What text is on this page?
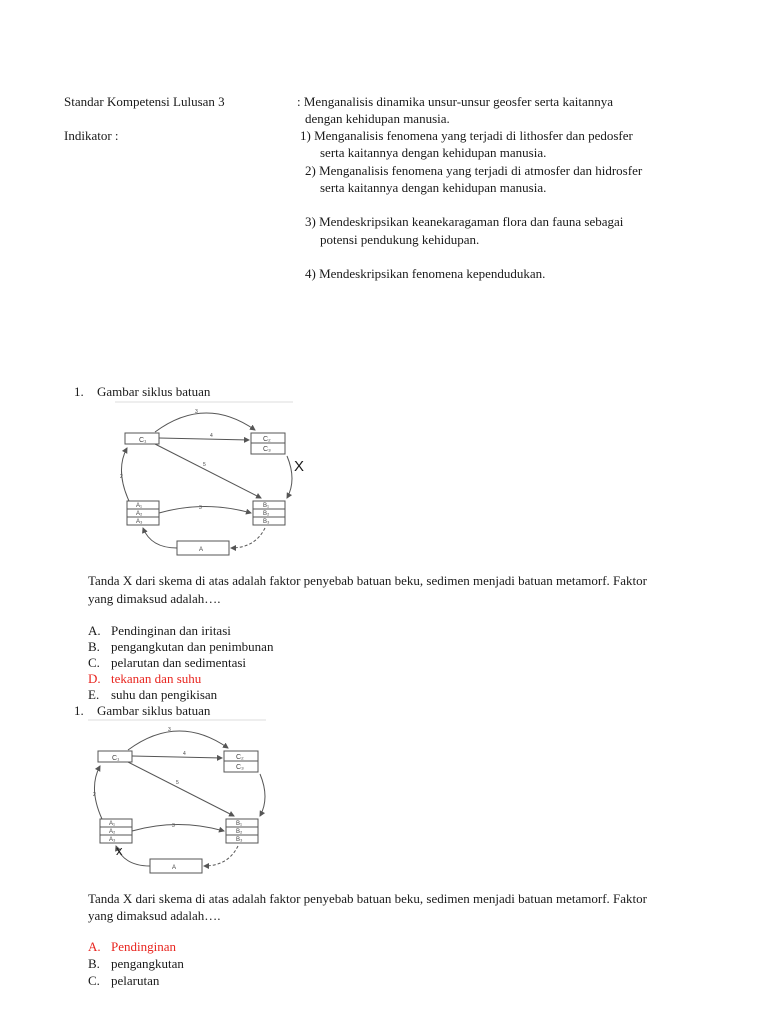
Standar Kompetensi Lulusan 3	: Menganalisis dinamika unsur-unsur geosfer serta kaitannya
dengan kehidupan manusia.
Indikator :	1) Menganalisis fenomena yang terjadi di lithosfer dan pedosfer
serta kaitannya dengan kehidupan manusia.
2) Menganalisis fenomena yang terjadi di atmosfer dan hidrosfer
serta kaitannya dengan kehidupan manusia.
3) Mendeskripsikan keanekaragaman flora dan fauna sebagai
potensi pendukung kehidupan.
4) Mendeskripsikan fenomena kependudukan.
1. Gambar siklus batuan
C₁	C₂
C₃
A₁
A₂
A₃
B₁
B₂
B₃
A
3
4
5
2
3
X
Tanda X dari skema di atas adalah faktor penyebab batuan beku, sedimen menjadi batuan metamorf. Faktor
yang dimaksud adalah….
A. Pendinginan dan iritasi
B. pengangkutan dan penimbunan
C. pelarutan dan sedimentasi
D. tekanan dan suhu
E. suhu dan pengikisan
1. Gambar siklus batuan
C₁	C₂
C₃
A₁
A₂
A₃
B₁
B₂
B₃
A
3
4
5
2
3
x
Tanda X dari skema di atas adalah faktor penyebab batuan beku, sedimen menjadi batuan metamorf. Faktor
yang dimaksud adalah….
A. Pendinginan
B. pengangkutan
C. pelarutan
